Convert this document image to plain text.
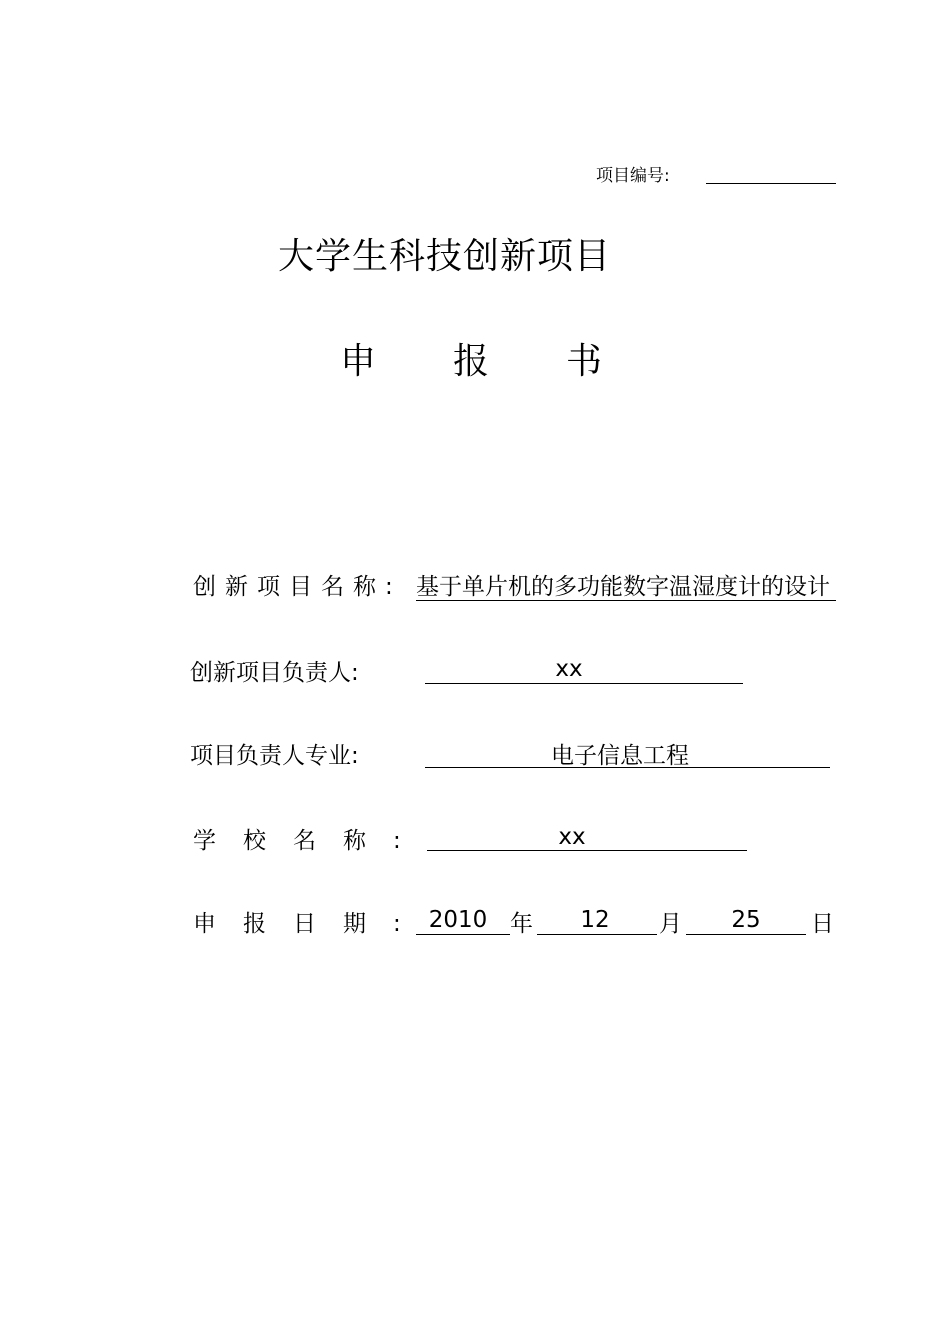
项目编号:
大学生科技创新项目
申 报 书
创新项目名称: 基于单片机的多功能数字温湿度计的设计
创新项目负责人:	xx
项目负责人专业:	电子信息工程
学校名称:	xx
申报日期: 2010 年	12	月	25	日
